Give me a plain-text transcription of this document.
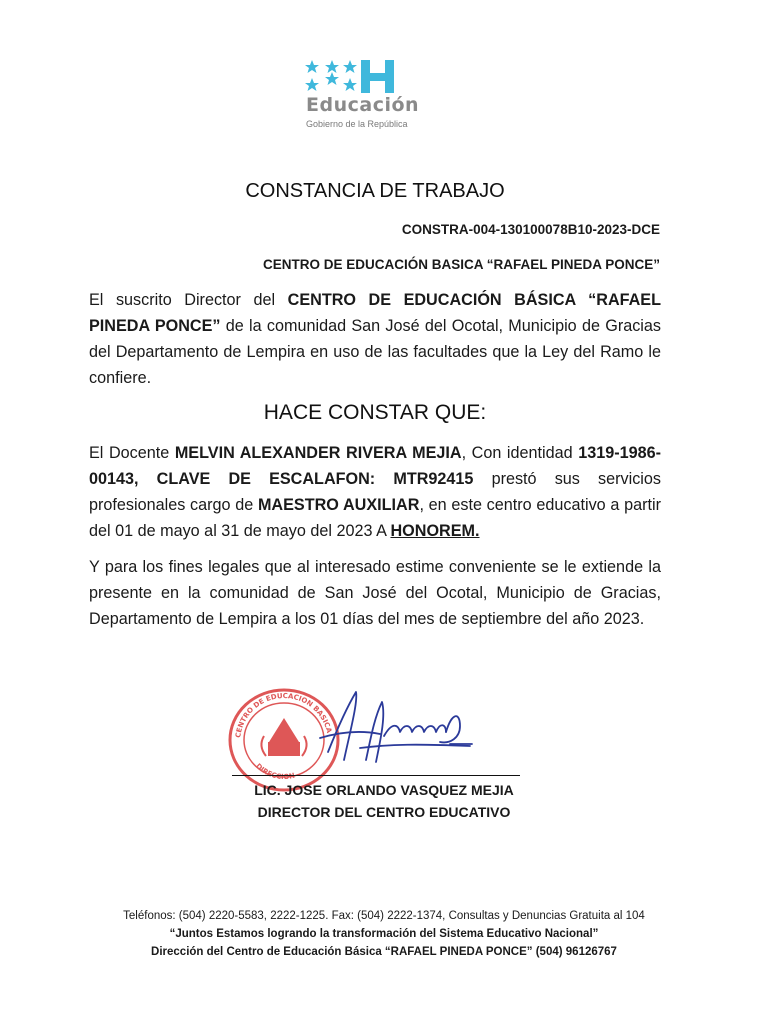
Educación
Gobierno de la República
CONSTANCIA DE TRABAJO
CONSTRA-004-130100078B10-2023-DCE
CENTRO DE EDUCACIÓN BASICA “RAFAEL PINEDA PONCE”
El suscrito Director del CENTRO DE EDUCACIÓN BÁSICA “RAFAEL PINEDA PONCE” de la comunidad San José del Ocotal, Municipio de Gracias del Departamento de Lempira en uso de las facultades que la Ley del Ramo le confiere.
HACE CONSTAR QUE:
El Docente MELVIN ALEXANDER RIVERA MEJIA, Con identidad 1319-1986-00143, CLAVE DE ESCALAFON: MTR92415 prestó sus servicios profesionales cargo de MAESTRO AUXILIAR, en este centro educativo a partir del 01 de mayo al 31 de mayo del 2023 A HONOREM.
Y para los fines legales que al interesado estime conveniente se le extiende la presente en la comunidad de San José del Ocotal, Municipio de Gracias, Departamento de Lempira a los 01 días del mes de septiembre del año 2023.
CENTRO DE EDUCACION BASICA
DIRECCION
LIC. JOSE ORLANDO VASQUEZ MEJIA
DIRECTOR DEL CENTRO EDUCATIVO
Teléfonos: (504) 2220-5583, 2222-1225. Fax: (504) 2222-1374, Consultas y Denuncias Gratuita al 104
“Juntos Estamos logrando la transformación del Sistema Educativo Nacional”
Dirección del Centro de Educación Básica “RAFAEL PINEDA PONCE” (504) 96126767
